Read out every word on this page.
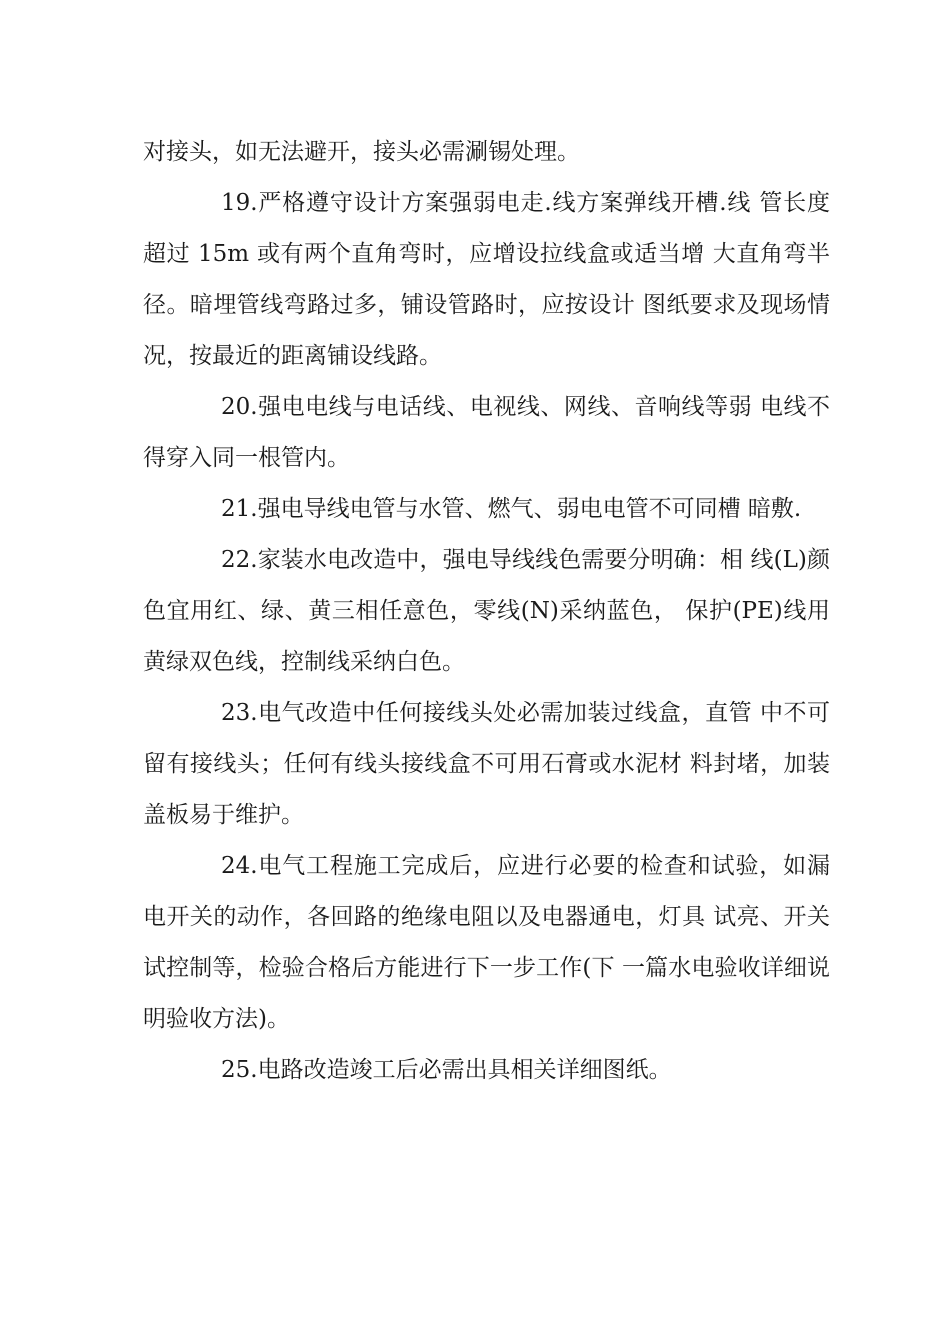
对接头，如无法避开，接头必需涮锡处理。

19.严格遵守设计方案强弱电走.线方案弹线开槽.线 管长度超过 15m 或有两个直角弯时，应增设拉线盒或适当增 大直角弯半径。暗埋管线弯路过多，铺设管路时，应按设计 图纸要求及现场情况，按最近的距离铺设线路。

20.强电电线与电话线、电视线、网线、音响线等弱 电线不得穿入同一根管内。

21.强电导线电管与水管、燃气、弱电电管不可同槽 暗敷.

22.家装水电改造中，强电导线线色需要分明确：相 线(L)颜色宜用红、绿、黄三相任意色，零线(N)采纳蓝色， 保护(PE)线用黄绿双色线，控制线采纳白色。

23.电气改造中任何接线头处必需加装过线盒，直管 中不可留有接线头；任何有线头接线盒不可用石膏或水泥材 料封堵，加装盖板易于维护。

24.电气工程施工完成后，应进行必要的检查和试验，如漏电开关的动作，各回路的绝缘电阻以及电器通电，灯具 试亮、开关试控制等，检验合格后方能进行下一步工作(下 一篇水电验收详细说明验收方法)。

25.电路改造竣工后必需出具相关详细图纸。
